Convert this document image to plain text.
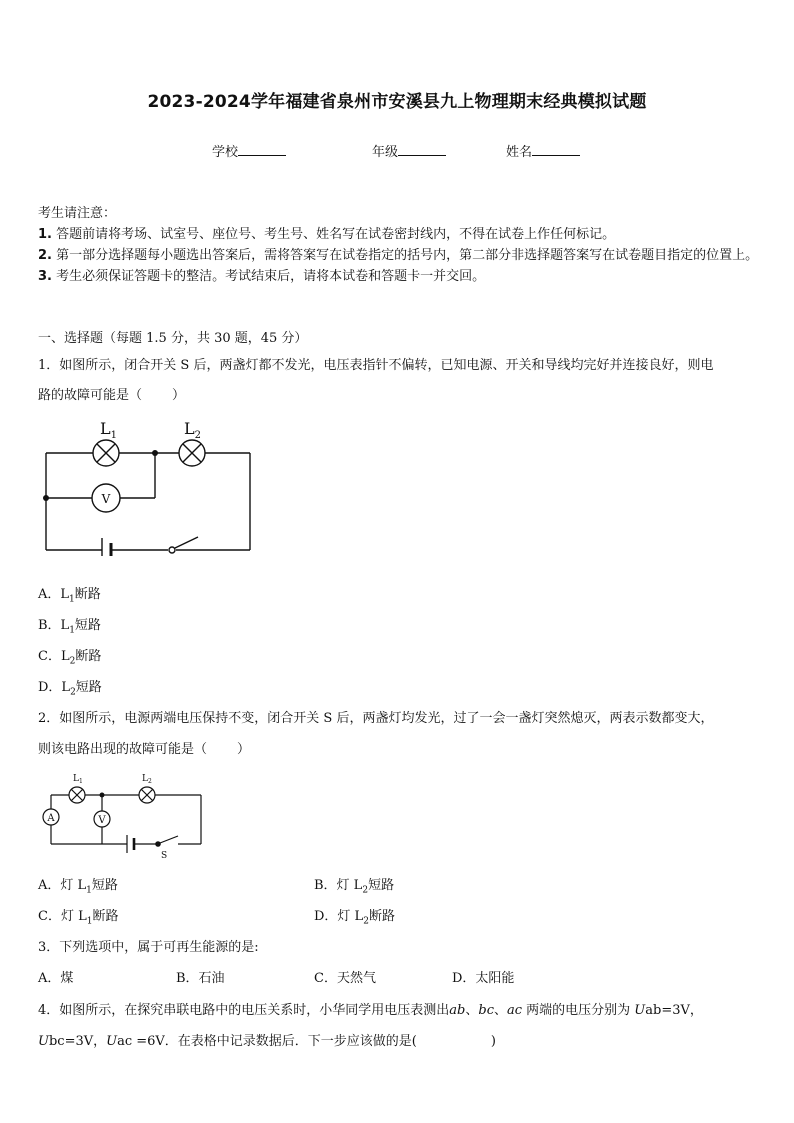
2023-2024学年福建省泉州市安溪县九上物理期末经典模拟试题
学校	年级	姓名
考生请注意：
1. 答题前请将考场、试室号、座位号、考生号、姓名写在试卷密封线内，不得在试卷上作任何标记。
2. 第一部分选择题每小题选出答案后，需将答案写在试卷指定的括号内，第二部分非选择题答案写在试卷题目指定的位置上。
3. 考生必须保证答题卡的整洁。考试结束后，请将本试卷和答题卡一并交回。
一、选择题（每题 1.5 分，共 30 题，45 分）
1．如图所示，闭合开关 S 后，两盏灯都不发光，电压表指针不偏转，已知电源、开关和导线均完好并连接良好，则电
路的故障可能是（ ）
V
$L_1$	$L_2$
A．$L_1$断路
B．$L_1$短路
C．$L_2$断路
D．$L_2$短路
2．如图所示，电源两端电压保持不变，闭合开关 S 后，两盏灯均发光，过了一会一盏灯突然熄灭，两表示数都变大，
则该电路出现的故障可能是（ ）
A	V
S
$L_1$	$L_2$
A．灯 $L_1$短路	B．灯 $L_2$短路
C．灯 $L_1$断路	D．灯 $L_2$断路
3．下列选项中，属于可再生能源的是:
A．煤	B．石油	C．天然气	D．太阳能
4．如图所示，在探究串联电路中的电压关系时，小华同学用电压表测出ab、bc、ac 两端的电压分别为 Uab=3V，
Ubc=3V，Uac =6V．在表格中记录数据后．下一步应该做的是(	)
